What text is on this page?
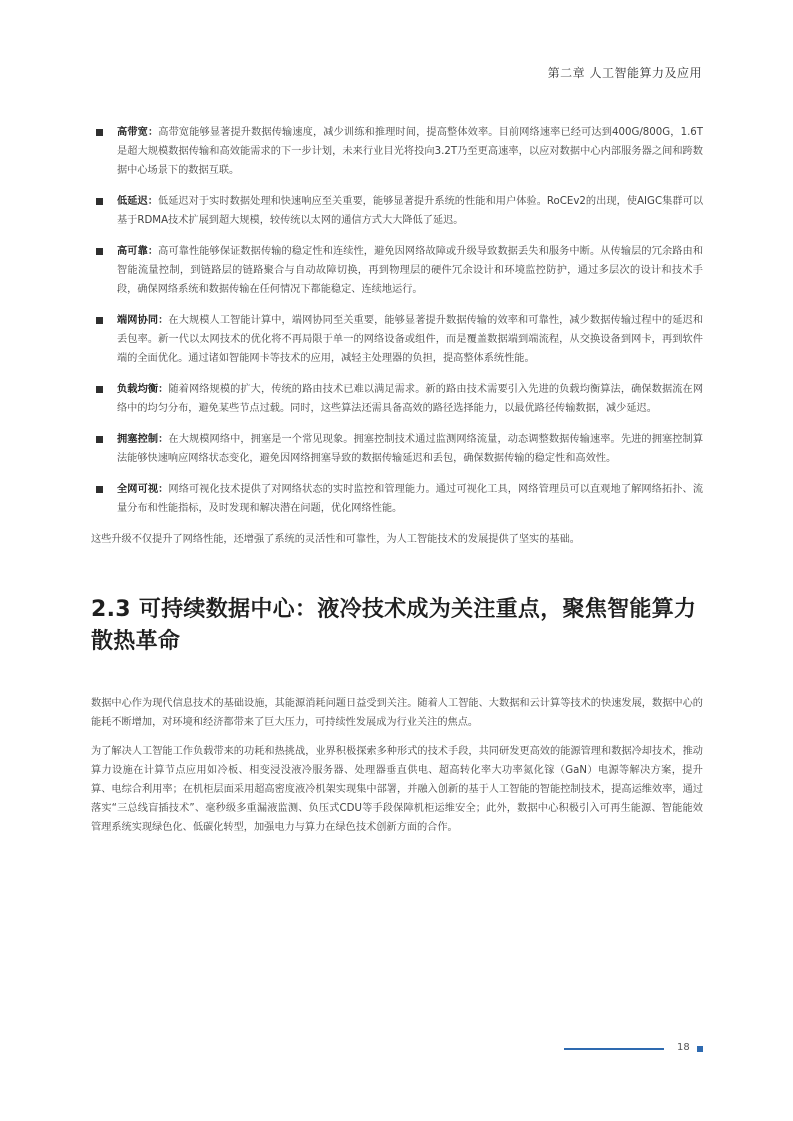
第二章 人工智能算力及应用
高带宽：高带宽能够显著提升数据传输速度，减少训练和推理时间，提高整体效率。目前网络速率已经可达到400G/800G，1.6T是超大规模数据传输和高效能需求的下一步计划，未来行业目光将投向3.2T乃至更高速率，以应对数据中心内部服务器之间和跨数据中心场景下的数据互联。
低延迟：低延迟对于实时数据处理和快速响应至关重要，能够显著提升系统的性能和用户体验。RoCEv2的出现，使AIGC集群可以基于RDMA技术扩展到超大规模，较传统以太网的通信方式大大降低了延迟。
高可靠：高可靠性能够保证数据传输的稳定性和连续性，避免因网络故障或升级导致数据丢失和服务中断。从传输层的冗余路由和智能流量控制，到链路层的链路聚合与自动故障切换，再到物理层的硬件冗余设计和环境监控防护，通过多层次的设计和技术手段，确保网络系统和数据传输在任何情况下都能稳定、连续地运行。
端网协同：在大规模人工智能计算中，端网协同至关重要，能够显著提升数据传输的效率和可靠性，减少数据传输过程中的延迟和丢包率。新一代以太网技术的优化将不再局限于单一的网络设备或组件，而是覆盖数据端到端流程，从交换设备到网卡，再到软件端的全面优化。通过诸如智能网卡等技术的应用，减轻主处理器的负担，提高整体系统性能。
负载均衡：随着网络规模的扩大，传统的路由技术已难以满足需求。新的路由技术需要引入先进的负载均衡算法，确保数据流在网络中的均匀分布，避免某些节点过载。同时，这些算法还需具备高效的路径选择能力，以最优路径传输数据，减少延迟。
拥塞控制：在大规模网络中，拥塞是一个常见现象。拥塞控制技术通过监测网络流量，动态调整数据传输速率。先进的拥塞控制算法能够快速响应网络状态变化，避免因网络拥塞导致的数据传输延迟和丢包，确保数据传输的稳定性和高效性。
全网可视：网络可视化技术提供了对网络状态的实时监控和管理能力。通过可视化工具，网络管理员可以直观地了解网络拓扑、流量分布和性能指标，及时发现和解决潜在问题，优化网络性能。

这些升级不仅提升了网络性能，还增强了系统的灵活性和可靠性，为人工智能技术的发展提供了坚实的基础。

2.3 可持续数据中心：液冷技术成为关注重点，聚焦智能算力散热革命

数据中心作为现代信息技术的基础设施，其能源消耗问题日益受到关注。随着人工智能、大数据和云计算等技术的快速发展，数据中心的能耗不断增加，对环境和经济都带来了巨大压力，可持续性发展成为行业关注的焦点。

为了解决人工智能工作负载带来的功耗和热挑战，业界积极探索多种形式的技术手段，共同研发更高效的能源管理和数据冷却技术，推动算力设施在计算节点应用如冷板、相变浸没液冷服务器、处理器垂直供电、超高转化率大功率氮化镓（GaN）电源等解决方案，提升算、电综合利用率；在机柜层面采用超高密度液冷机架实现集中部署，并融入创新的基于人工智能的智能控制技术，提高运维效率，通过落实“三总线盲插技术”、毫秒级多重漏液监测、负压式CDU等手段保障机柜运维安全；此外，数据中心积极引入可再生能源、智能能效管理系统实现绿色化、低碳化转型，加强电力与算力在绿色技术创新方面的合作。

18
